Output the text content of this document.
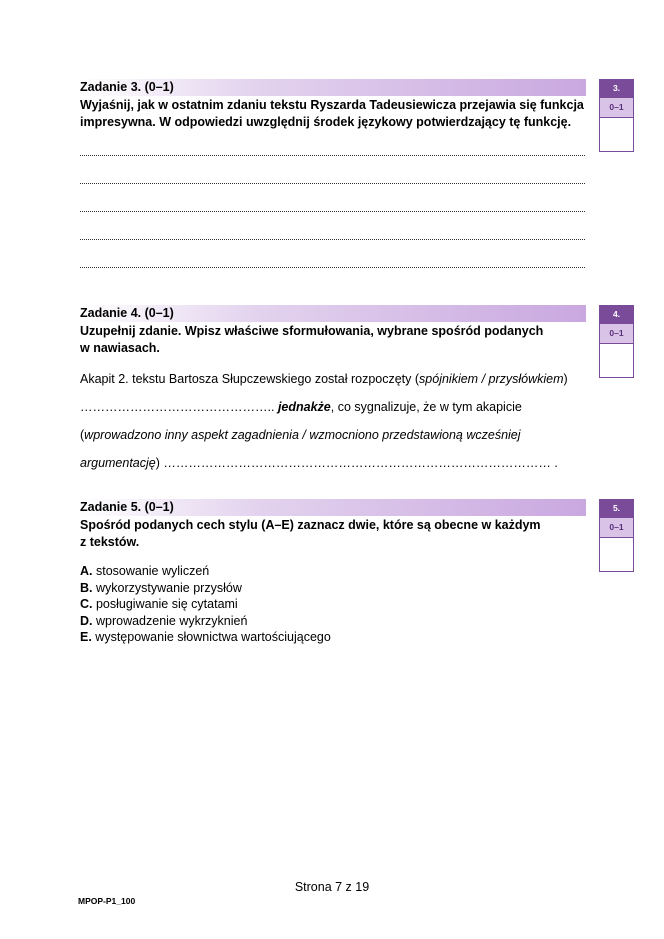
Zadanie 3. (0–1)
Wyjaśnij, jak w ostatnim zdaniu tekstu Ryszarda Tadeusiewicza przejawia się funkcja impresywna. W odpowiedzi uwzględnij środek językowy potwierdzający tę funkcję.
3.
0–1
Zadanie 4. (0–1)
Uzupełnij zdanie. Wpisz właściwe sformułowania, wybrane spośród podanych
w nawiasach.
Akapit 2. tekstu Bartosza Słupczewskiego został rozpoczęty (spójnikiem / przysłówkiem)
……………………………………….. jednakże, co sygnalizuje, że w tym akapicie
(wprowadzono inny aspekt zagadnienia / wzmocniono przedstawioną wcześniej
argumentację) ………………………………………………………………………………… .
4.
0–1
Zadanie 5. (0–1)
Spośród podanych cech stylu (A–E) zaznacz dwie, które są obecne w każdym
z tekstów.
A. stosowanie wyliczeń
B. wykorzystywanie przysłów
C. posługiwanie się cytatami
D. wprowadzenie wykrzyknień
E. występowanie słownictwa wartościującego
5.
0–1
Strona 7 z 19
MPOP-P1_100
